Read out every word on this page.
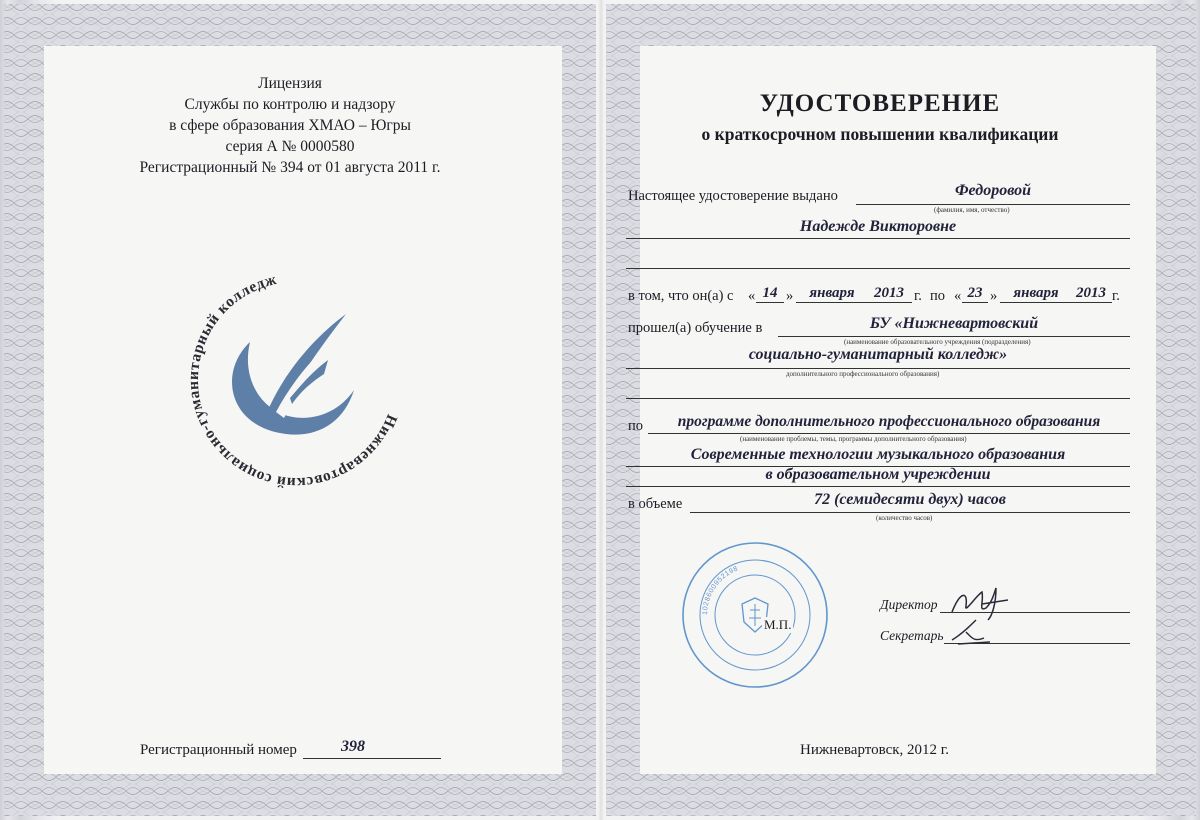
Лицензия
Службы по контролю и надзору
в сфере образования ХМАО – Югры
серия А № 0000580
Регистрационный № 394 от 01 августа 2011 г.
Нижневартовский социально-гуманитарный колледж
Регистрационный номер	398
УДОСТОВЕРЕНИЕ
о краткосрочном повышении квалификации
Настоящее удостоверение выдано	Федоровой
(фамилия, имя, отчество)
Надежде Викторовне
в том, что он(а) с « 14 »	января	2013 г. по « 23 »	января	2013 г.
прошел(а) обучение в	БУ «Нижневартовский
(наименование образовательного учреждения (подразделения)
социально-гуманитарный колледж»
дополнительного профессионального образования)
по	программе дополнительного профессионального образования
(наименование проблемы, темы, программы дополнительного образования)
Современные технологии музыкального образования
в образовательном учреждении
в объеме	72 (семидесяти двух) часов
(количество часов)
1028600952198
М.П.
Директор
Секретарь
Нижневартовск, 2012 г.
